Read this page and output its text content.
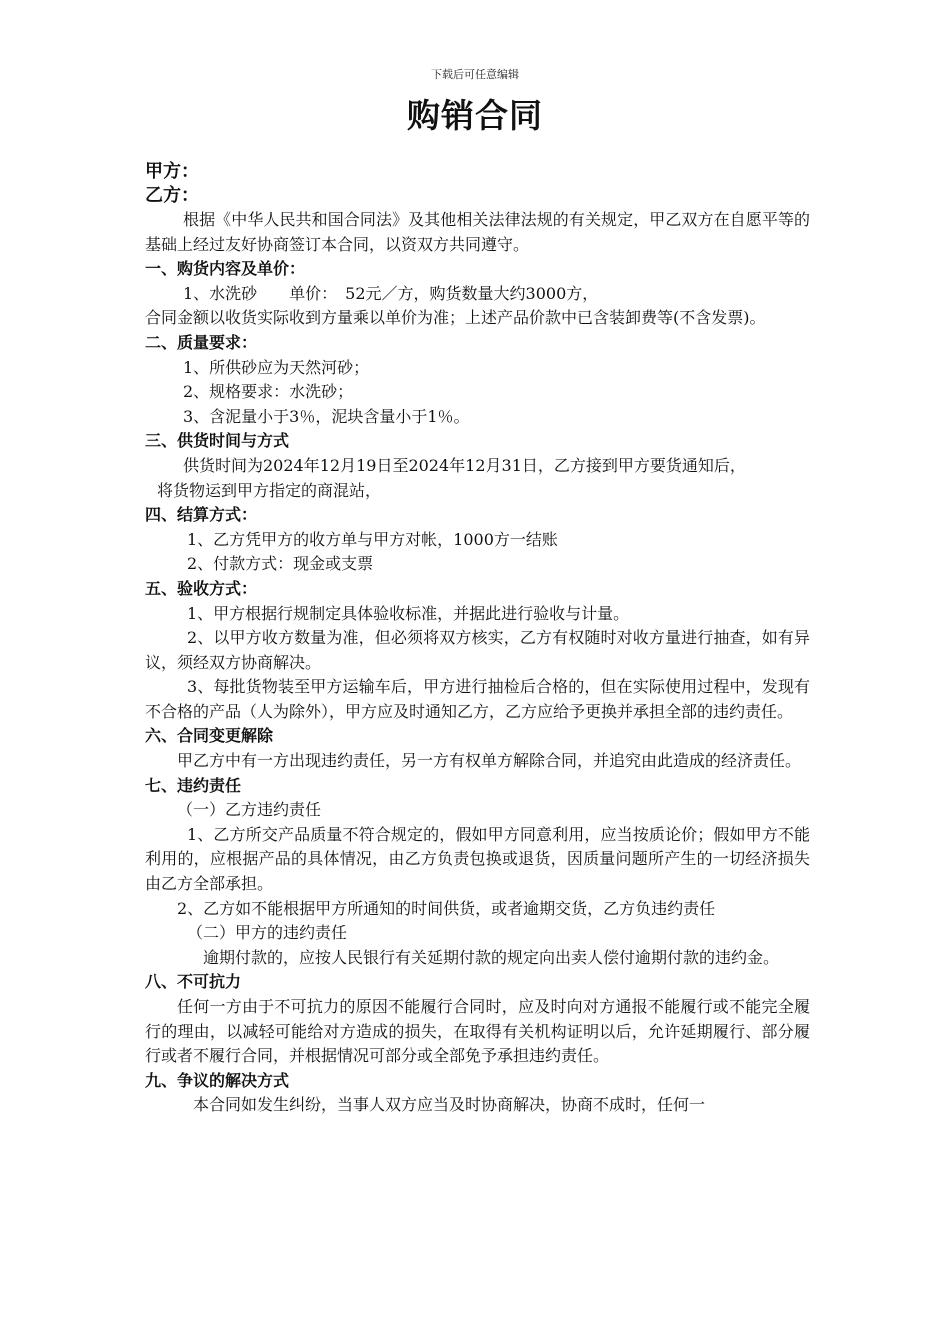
下载后可任意编辑
购销合同
甲方：
乙方：

根据《中华人民共和国合同法》及其他相关法律法规的有关规定，甲乙双方在自愿平等的基础上经过友好协商签订本合同，以资双方共同遵守。

一、购货内容及单价：

1、水洗砂　　单价：　52元／方，购货数量大约3000方，

合同金额以收货实际收到方量乘以单价为准；上述产品价款中已含装卸费等(不含发票)。

二、质量要求：

1、所供砂应为天然河砂；

2、规格要求：水洗砂；

3、含泥量小于3％，泥块含量小于1％。

三、供货时间与方式

供货时间为2024年12月19日至2024年12月31日，乙方接到甲方要货通知后，

将货物运到甲方指定的商混站，

四、结算方式：

1、乙方凭甲方的收方单与甲方对帐，1000方一结账

2、付款方式：现金或支票

五、验收方式：

1、甲方根据行规制定具体验收标准，并据此进行验收与计量。

2、以甲方收方数量为准，但必须将双方核实，乙方有权随时对收方量进行抽查，如有异议，须经双方协商解决。

3、每批货物装至甲方运输车后，甲方进行抽检后合格的，但在实际使用过程中，发现有不合格的产品（人为除外），甲方应及时通知乙方，乙方应给予更换并承担全部的违约责任。

六、合同变更解除

甲乙方中有一方出现违约责任，另一方有权单方解除合同，并追究由此造成的经济责任。

七、违约责任

（一）乙方违约责任

1、乙方所交产品质量不符合规定的，假如甲方同意利用，应当按质论价；假如甲方不能利用的，应根据产品的具体情况，由乙方负责包换或退货，因质量问题所产生的一切经济损失由乙方全部承担。

2、乙方如不能根据甲方所通知的时间供货，或者逾期交货，乙方负违约责任

（二）甲方的违约责任

逾期付款的，应按人民银行有关延期付款的规定向出卖人偿付逾期付款的违约金。

八、不可抗力

任何一方由于不可抗力的原因不能履行合同时，应及时向对方通报不能履行或不能完全履行的理由，以减轻可能给对方造成的损失，在取得有关机构证明以后，允许延期履行、部分履行或者不履行合同，并根据情况可部分或全部免予承担违约责任。

九、争议的解决方式

本合同如发生纠纷，当事人双方应当及时协商解决，协商不成时，任何一
